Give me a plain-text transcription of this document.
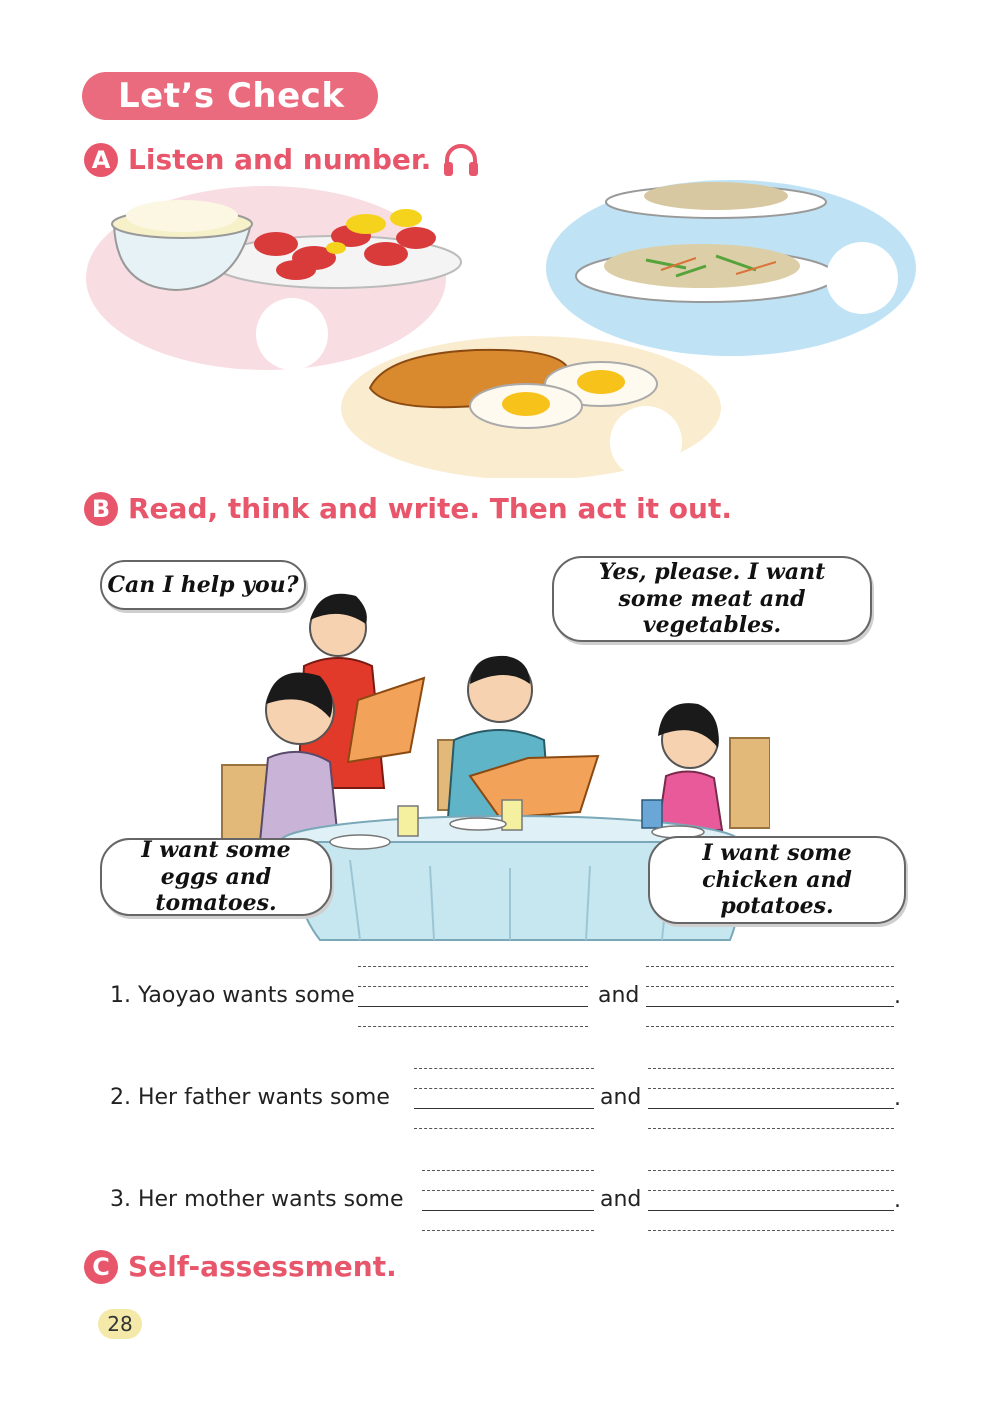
Let’s Check
A Listen and number.
B Read, think and write. Then act it out.
Can I help you?	Yes, please. I want some meat and vegetables.
I want some eggs and tomatoes.
I want some chicken and potatoes.
1. Yaoyao wants some	and	.
2. Her father wants some	and	.
3. Her mother wants some	and	.
C Self-assessment.
28
